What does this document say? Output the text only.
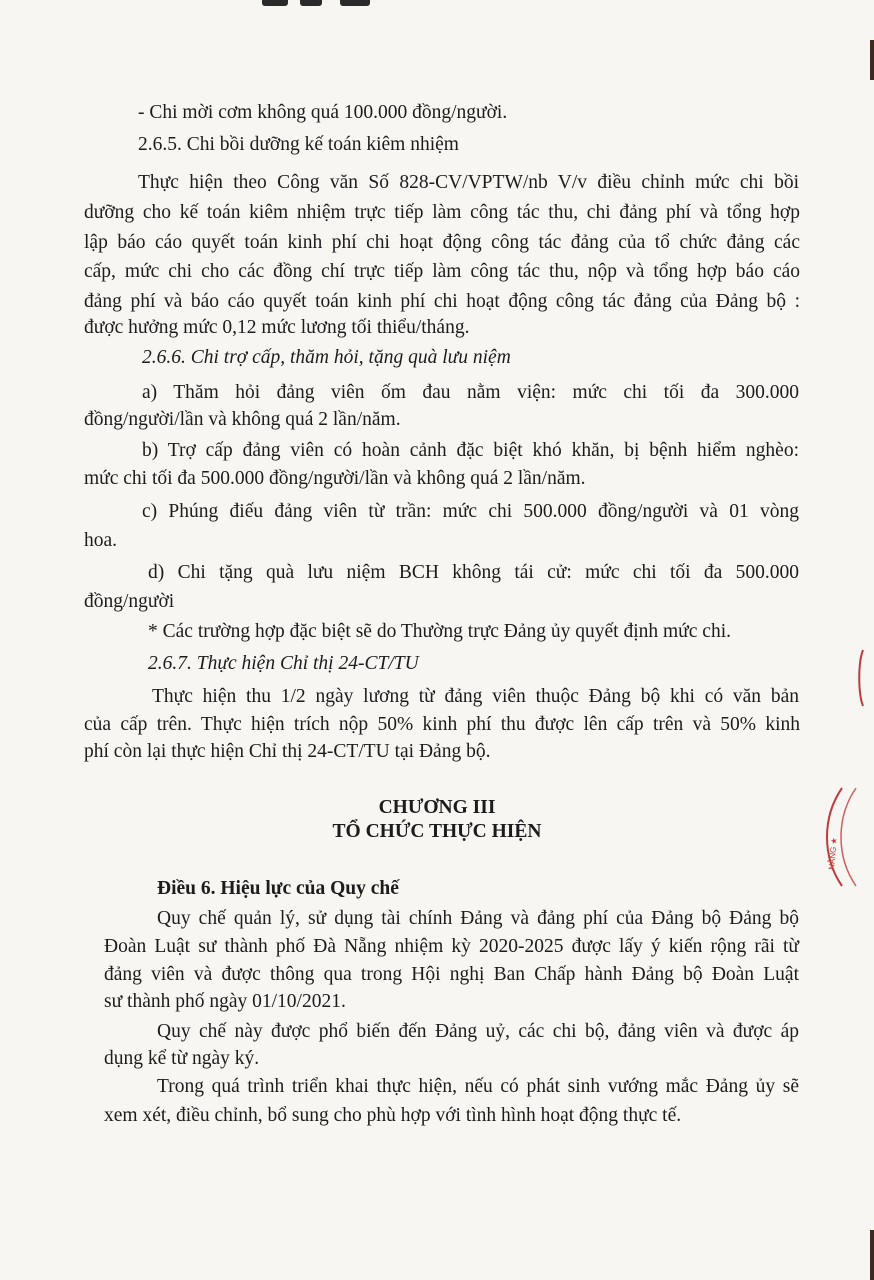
- Chi mời cơm không quá 100.000 đồng/người.
2.6.5. Chi bồi dưỡng kế toán kiêm nhiệm
Thực hiện theo Công văn Số 828-CV/VPTW/nb V/v điều chỉnh mức chi bồi
dưỡng cho kế toán kiêm nhiệm trực tiếp làm công tác thu, chi đảng phí và tổng hợp
lập báo cáo quyết toán kinh phí chi hoạt động công tác đảng của tổ chức đảng các
cấp, mức chi cho các đồng chí trực tiếp làm công tác thu, nộp và tổng hợp báo cáo
đảng phí và báo cáo quyết toán kinh phí chi hoạt động công tác đảng của Đảng bộ :
được hưởng mức 0,12 mức lương tối thiểu/tháng.
2.6.6. Chi trợ cấp, thăm hỏi, tặng quà lưu niệm
a) Thăm hỏi đảng viên ốm đau nằm viện: mức chi tối đa 300.000
đồng/người/lần và không quá 2 lần/năm.
b) Trợ cấp đảng viên có hoàn cảnh đặc biệt khó khăn, bị bệnh hiểm nghèo:
mức chi tối đa 500.000 đồng/người/lần và không quá 2 lần/năm.
c) Phúng điếu đảng viên từ trần: mức chi 500.000 đồng/người và 01 vòng
hoa.
d) Chi tặng quà lưu niệm BCH không tái cử: mức chi tối đa 500.000
đồng/người
* Các trường hợp đặc biệt sẽ do Thường trực Đảng ủy quyết định mức chi.
2.6.7. Thực hiện Chỉ thị 24-CT/TU
Thực hiện thu 1/2 ngày lương từ đảng viên thuộc Đảng bộ khi có văn bản
của cấp trên. Thực hiện trích nộp 50% kinh phí thu được lên cấp trên và 50% kinh
phí còn lại thực hiện Chỉ thị 24-CT/TU tại Đảng bộ.
CHƯƠNG III
TỔ CHỨC THỰC HIỆN
Điều 6. Hiệu lực của Quy chế
Quy chế quản lý, sử dụng tài chính Đảng và đảng phí của Đảng bộ Đảng bộ
Đoàn Luật sư thành phố Đà Nẵng nhiệm kỳ 2020-2025 được lấy ý kiến rộng rãi từ
đảng viên và được thông qua trong Hội nghị Ban Chấp hành Đảng bộ Đoàn Luật
sư thành phố ngày 01/10/2021.
Quy chế này được phổ biến đến Đảng uỷ, các chi bộ, đảng viên và được áp
dụng kể từ ngày ký.
Trong quá trình triển khai thực hiện, nếu có phát sinh vướng mắc Đảng ủy sẽ
xem xét, điều chỉnh, bổ sung cho phù hợp với tình hình hoạt động thực tế.
NẴNG ★
